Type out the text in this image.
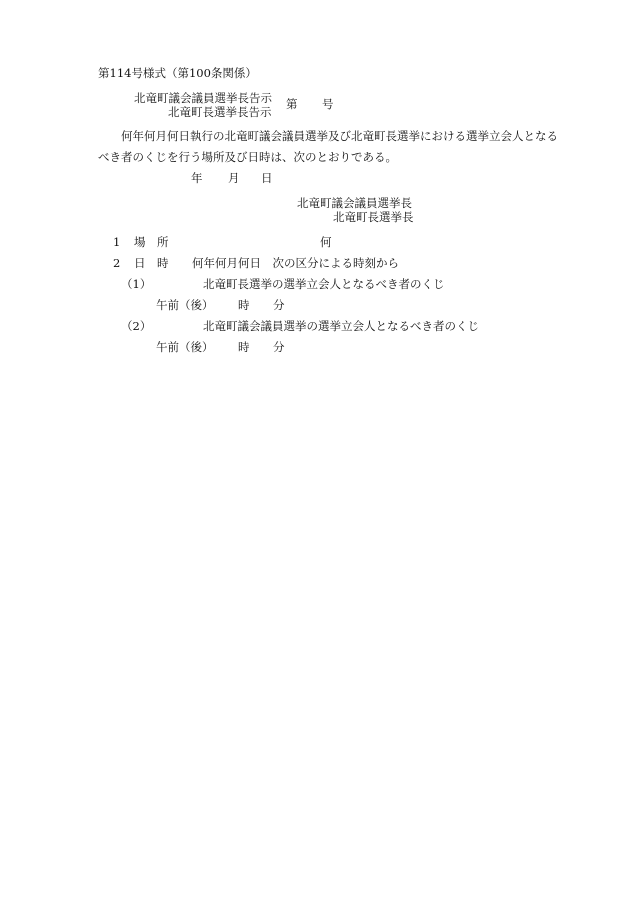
第114号様式（第100条関係）
北竜町議会議員選挙長告示
北竜町長選挙長告示
第 号
何年何月何日執行の北竜町議会議員選挙及び北竜町長選挙における選挙立会人となる
べき者のくじを行う場所及び日時は、次のとおりである。
年 月 日
北竜町議会議員選挙長
北竜町長選挙長
1 場　所	何
2 日　時 何年何月何日　次の区分による時刻から
（1）	北竜町長選挙の選挙立会人となるべき者のくじ
午前（後） 時 分
（2）	北竜町議会議員選挙の選挙立会人となるべき者のくじ
午前（後） 時 分
